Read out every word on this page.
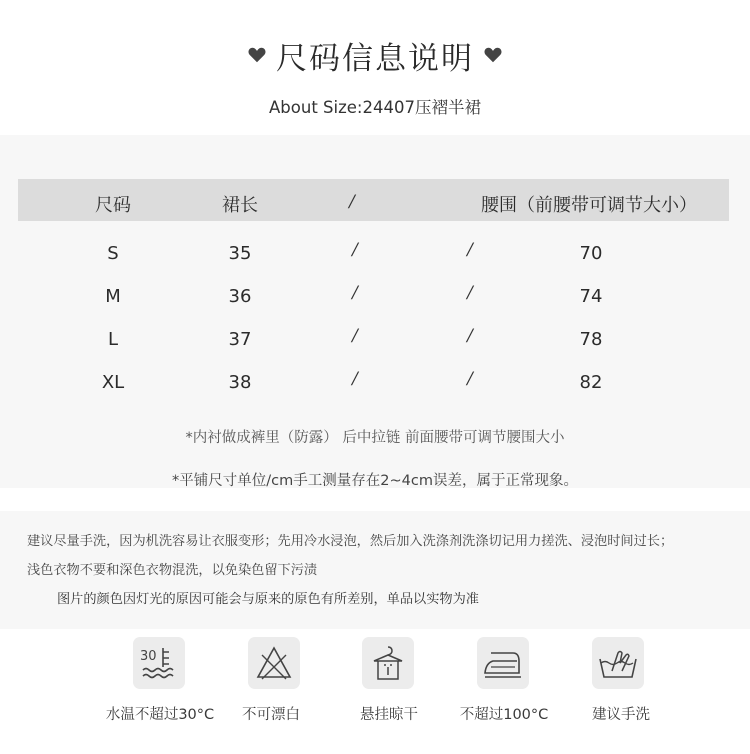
尺码信息说明
About Size:24407压褶半裙
尺码	裙长	/	腰围（前腰带可调节大小）
S	35	/	/	70
M	36	/	/	74
L	37	/	/	78
XL	38	/	/	82
*内衬做成裤里（防露） 后中拉链 前面腰带可调节腰围大小
*平铺尺寸单位/cm手工测量存在2~4cm误差，属于正常现象。
建议尽量手洗，因为机洗容易让衣服变形；先用冷水浸泡，然后加入洗涤剂洗涤切记用力搓洗、浸泡时间过长；
浅色衣物不要和深色衣物混洗，以免染色留下污渍
图片的颜色因灯光的原因可能会与原来的原色有所差别，单品以实物为准
30
水温不超过30°C 不可漂白	悬挂晾干	不超过100°C	建议手洗
